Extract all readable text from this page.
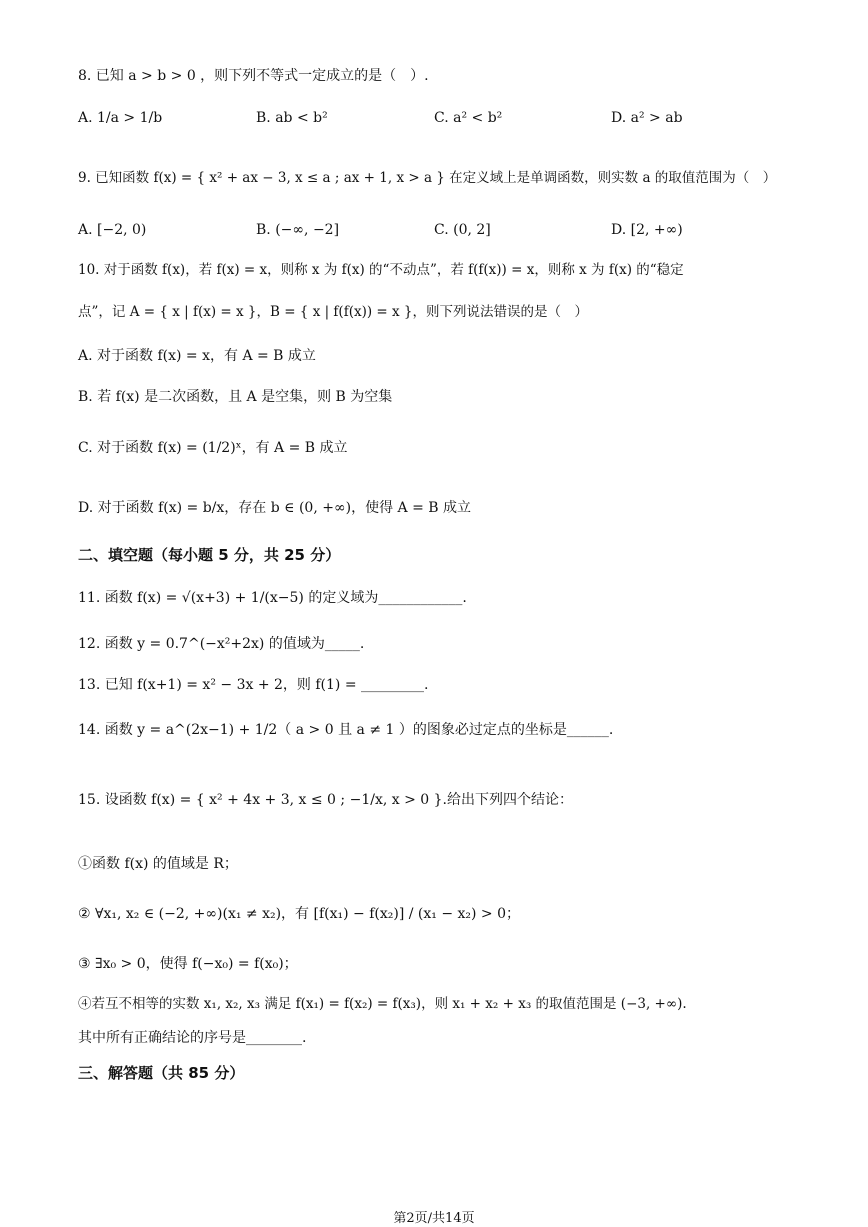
8. 已知 a > b > 0 ，则下列不等式一定成立的是（　）.
A. 1/a > 1/b	B. ab < b²	C. a² < b²	D. a² > ab
9. 已知函数 f(x) = { x² + ax − 3, x ≤ a ; ax + 1, x > a } 在定义域上是单调函数，则实数 a 的取值范围为（　）
A. [−2, 0)	B. (−∞, −2]	C. (0, 2]	D. [2, +∞)
10. 对于函数 f(x)，若 f(x) = x，则称 x 为 f(x) 的“不动点”，若 f(f(x)) = x，则称 x 为 f(x) 的“稳定
点”，记 A = { x | f(x) = x }，B = { x | f(f(x)) = x }，则下列说法错误的是（　）
A. 对于函数 f(x) = x，有 A = B 成立
B. 若 f(x) 是二次函数，且 A 是空集，则 B 为空集
C. 对于函数 f(x) = (1/2)ˣ，有 A = B 成立
D. 对于函数 f(x) = b/x，存在 b ∈ (0, +∞)，使得 A = B 成立
二、填空题（每小题 5 分，共 25 分）
11. 函数 f(x) = √(x+3) + 1/(x−5) 的定义域为____________.
12. 函数 y = 0.7^(−x²+2x) 的值域为_____.
13. 已知 f(x+1) = x² − 3x + 2，则 f(1) = _________.
14. 函数 y = a^(2x−1) + 1/2（ a > 0 且 a ≠ 1 ）的图象必过定点的坐标是______.
15. 设函数 f(x) = { x² + 4x + 3, x ≤ 0 ; −1/x, x > 0 }.给出下列四个结论：
①函数 f(x) 的值域是 R；
② ∀x₁, x₂ ∈ (−2, +∞)(x₁ ≠ x₂)，有 [f(x₁) − f(x₂)] / (x₁ − x₂) > 0；
③ ∃x₀ > 0，使得 f(−x₀) = f(x₀)；
④若互不相等的实数 x₁, x₂, x₃ 满足 f(x₁) = f(x₂) = f(x₃)，则 x₁ + x₂ + x₃ 的取值范围是 (−3, +∞).
其中所有正确结论的序号是________.
三、解答题（共 85 分）
第2页/共14页
